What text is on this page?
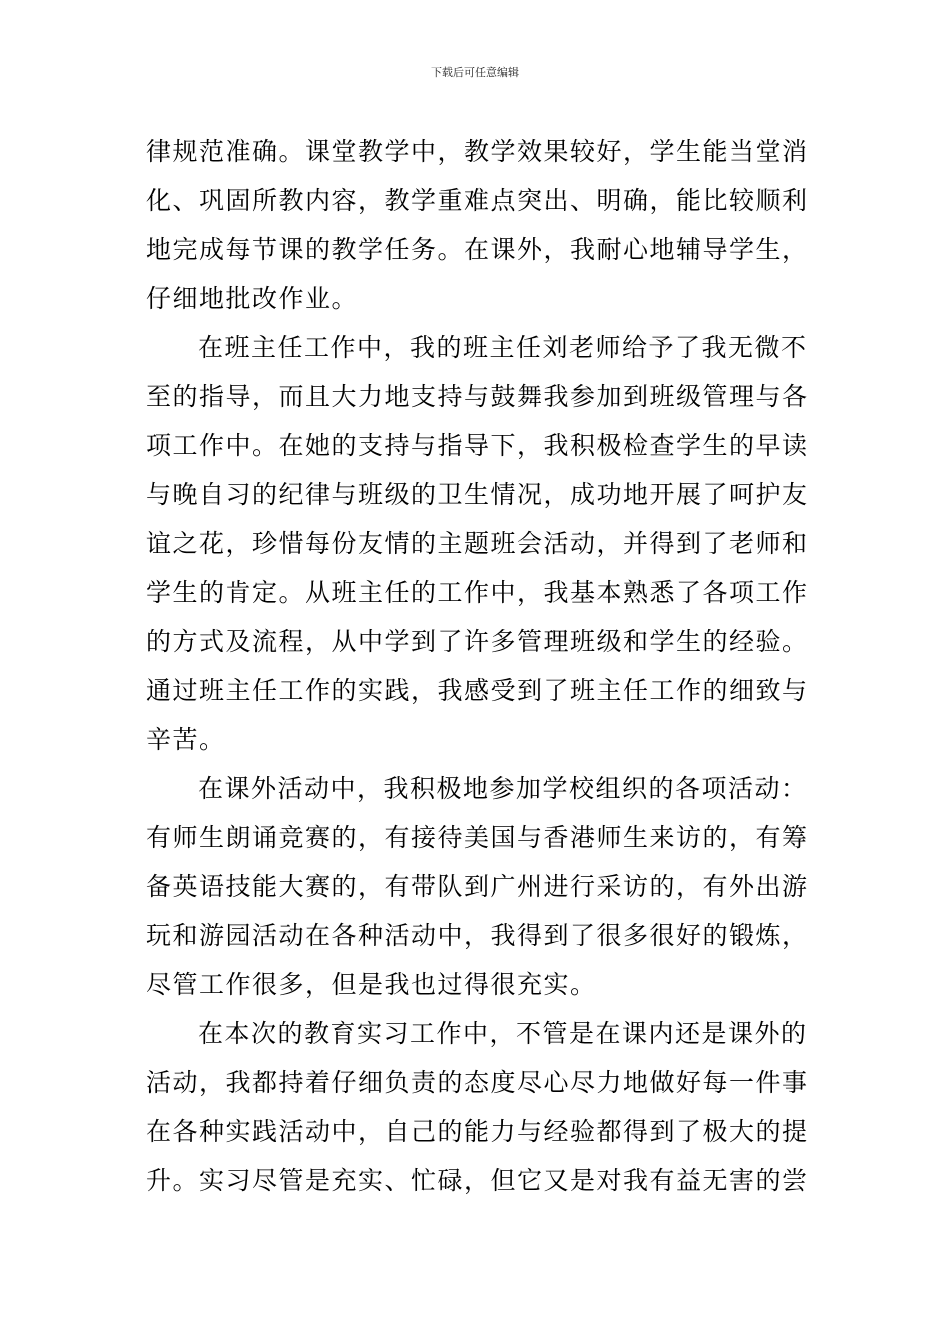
下载后可任意编辑
律规范准确。课堂教学中，教学效果较好，学生能当堂消
化、巩固所教内容，教学重难点突出、明确，能比较顺利
地完成每节课的教学任务。在课外，我耐心地辅导学生，
仔细地批改作业。
在班主任工作中，我的班主任刘老师给予了我无微不
至的指导，而且大力地支持与鼓舞我参加到班级管理与各
项工作中。在她的支持与指导下，我积极检查学生的早读
与晚自习的纪律与班级的卫生情况，成功地开展了呵护友
谊之花，珍惜每份友情的主题班会活动，并得到了老师和
学生的肯定。从班主任的工作中，我基本熟悉了各项工作
的方式及流程，从中学到了许多管理班级和学生的经验。
通过班主任工作的实践，我感受到了班主任工作的细致与
辛苦。
在课外活动中，我积极地参加学校组织的各项活动：
有师生朗诵竞赛的，有接待美国与香港师生来访的，有筹
备英语技能大赛的，有带队到广州进行采访的，有外出游
玩和游园活动在各种活动中，我得到了很多很好的锻炼，
尽管工作很多，但是我也过得很充实。
在本次的教育实习工作中，不管是在课内还是课外的
活动，我都持着仔细负责的态度尽心尽力地做好每一件事
在各种实践活动中，自己的能力与经验都得到了极大的提
升。实习尽管是充实、忙碌，但它又是对我有益无害的尝
